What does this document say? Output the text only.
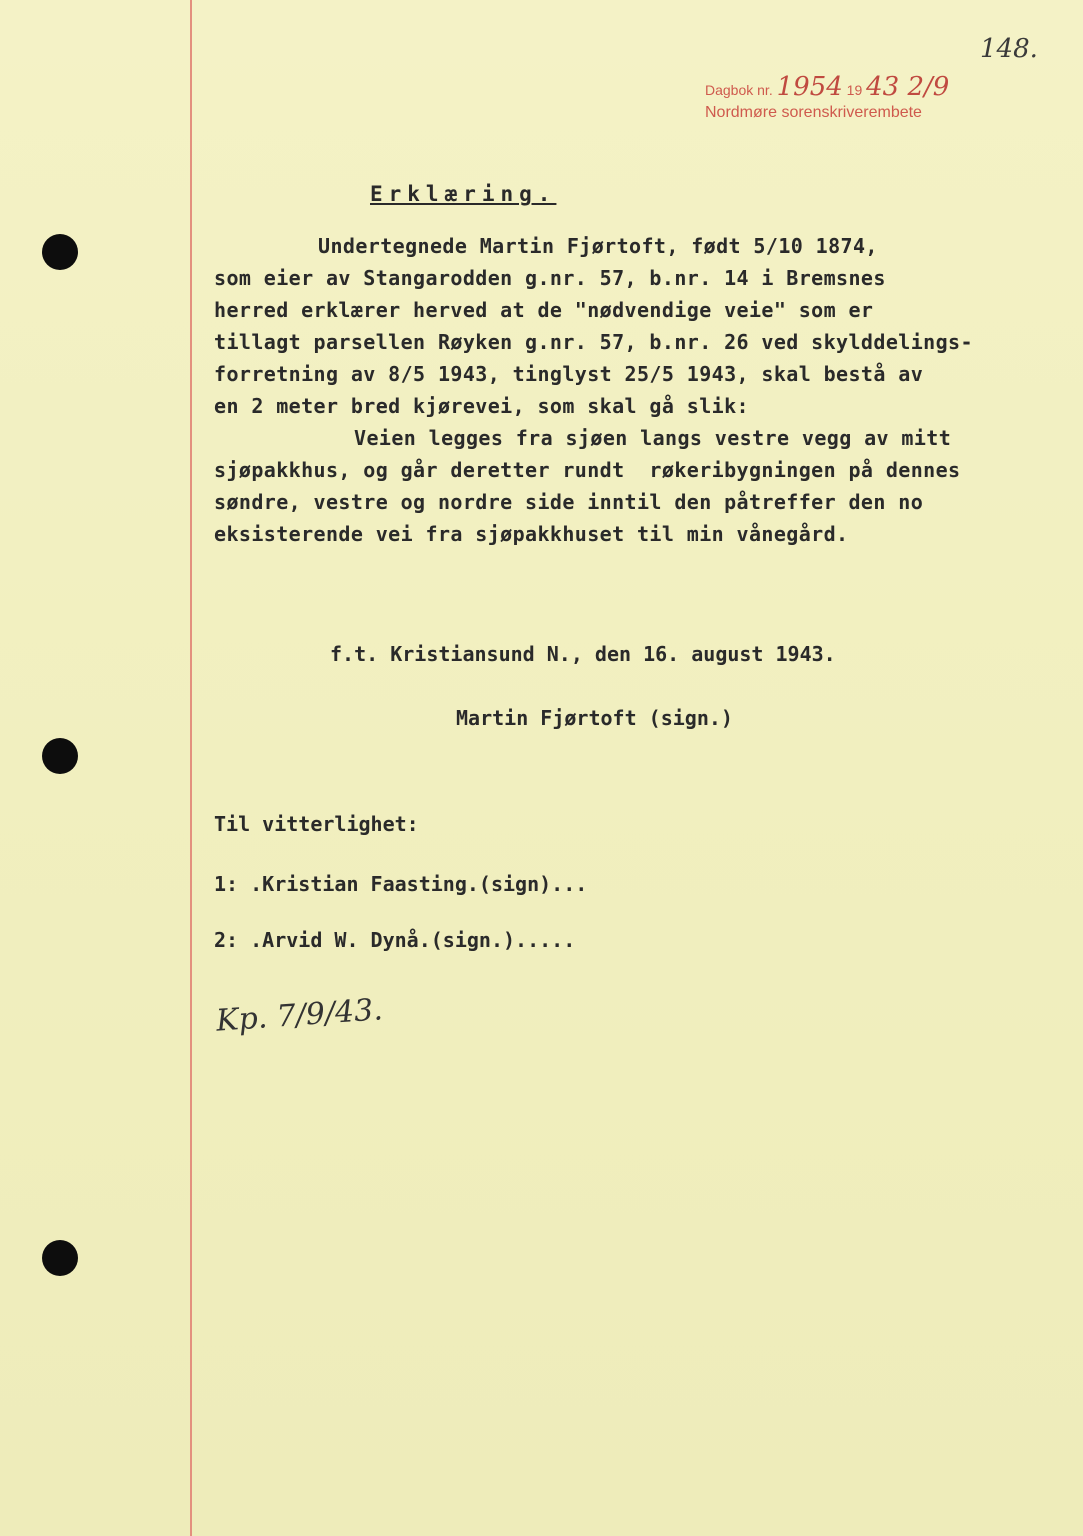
148.
Dagbok nr. 1954 19 43 2/9
Nordmøre sorenskriverembete
Erklæring.
Undertegnede Martin Fjørtoft, født 5/10 1874,
som eier av Stangarodden g.nr. 57, b.nr. 14 i Bremsnes
herred erklærer herved at de "nødvendige veie" som er
tillagt parsellen Røyken g.nr. 57, b.nr. 26 ved skylddelings-
forretning av 8/5 1943, tinglyst 25/5 1943, skal bestå av
en 2 meter bred kjørevei, som skal gå slik:
Veien legges fra sjøen langs vestre vegg av mitt
sjøpakkhus, og går deretter rundt  røkeribygningen på dennes
søndre, vestre og nordre side inntil den påtreffer den no
eksisterende vei fra sjøpakkhuset til min vånegård.
f.t. Kristiansund N., den 16. august 1943.
Martin Fjørtoft (sign.)
Til vitterlighet:
1: .Kristian Faasting.(sign)...
2: .Arvid W. Dynå.(sign.).....
Kp. 7/9/43.
